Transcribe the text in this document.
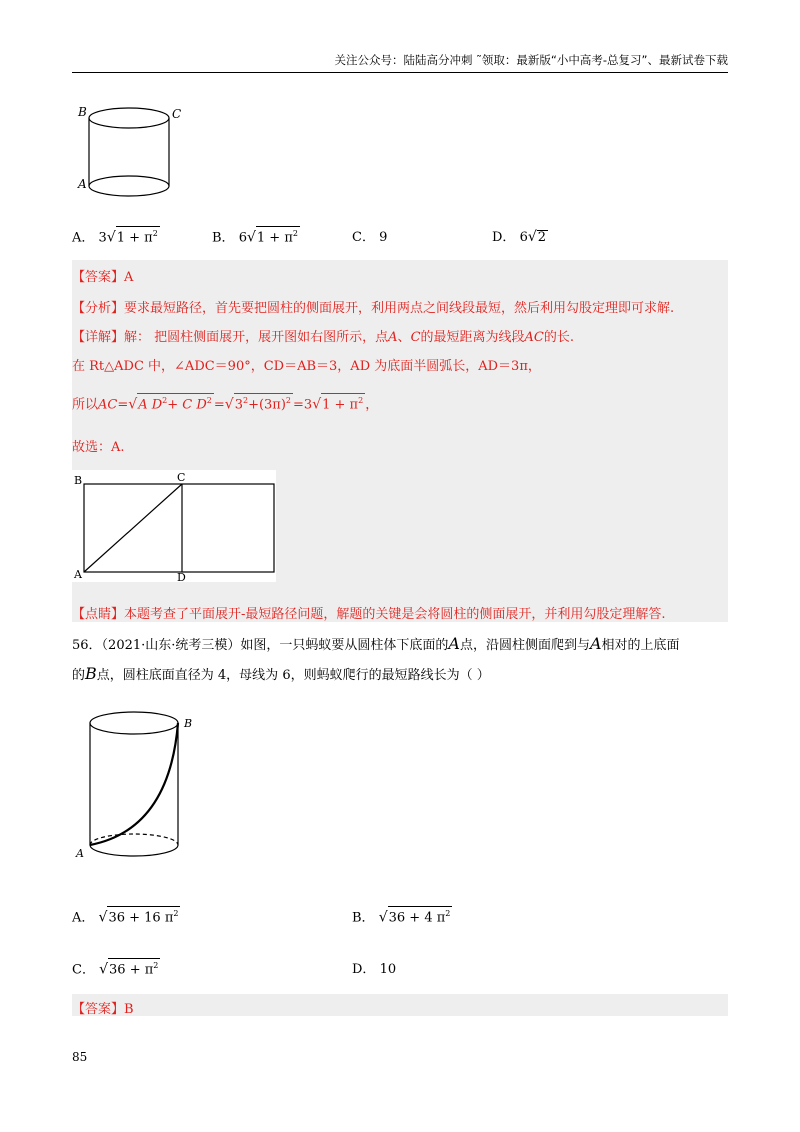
关注公众号：陆陆高分冲刺 ˜领取：最新版“小中高考-总复习”、最新试卷下载
B	C
A
A． $3√1 + \pi^2$	B． $6√1 + \pi^2$	C． 9	D． 6√2
【答案】A
【分析】要求最短路径，首先要把圆柱的侧面展开，利用两点之间线段最短，然后利用勾股定理即可求解.
【详解】解： 把圆柱侧面展开，展开图如右图所示，点A、C的最短距离为线段AC的长.
在 Rt△ADC 中，∠ADC＝90°，CD＝AB＝3，AD 为底面半圆弧长，AD＝3π，
所以AC=√A $D^2+ C$ $D^2 =√3^2+(3\pi)^2 =3√1 + \pi^2$ ，
故选：A.
B	C
A	D
【点睛】本题考查了平面展开-最短路径问题，解题的关键是会将圆柱的侧面展开，并利用勾股定理解答.
56．（2021·山东·统考三模）如图，一只蚂蚁要从圆柱体下底面的A点，沿圆柱侧面爬到与A相对的上底面
的B点，圆柱底面直径为 4，母线为 6，则蚂蚁爬行的最短路线长为（ ）
B
A
A． √36 + 16 $\pi^2$	B． √36 + 4 $\pi^2$
C． $√36 + \pi^2$	D． 10
【答案】B
85
